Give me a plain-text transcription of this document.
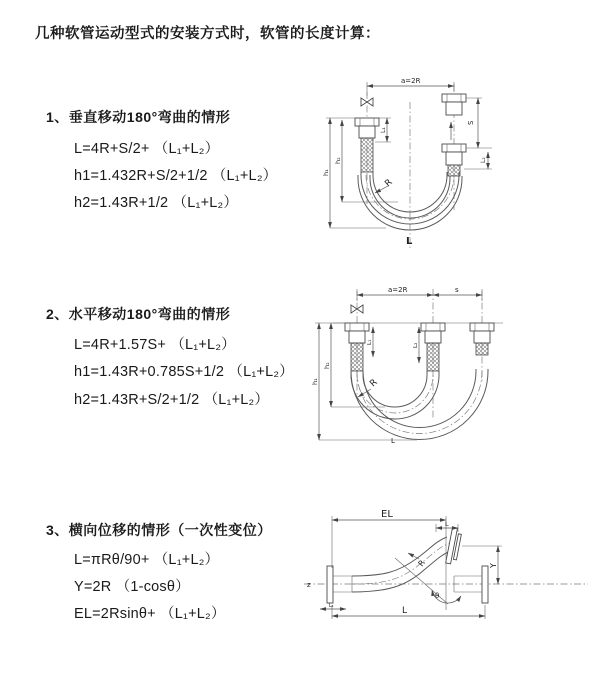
几种软管运动型式的安装方式时，软管的长度计算：
1、垂直移动180°弯曲的情形
L=4R+S/2+ （L₁+L₂）
h1=1.432R+S/2+1/2 （L₁+L₂）
h2=1.43R+1/2 （L₁+L₂）
2、水平移动180°弯曲的情形
L=4R+1.57S+ （L₁+L₂）
h1=1.43R+0.785S+1/2 （L₁+L₂）
h2=1.43R+S/2+1/2 （L₁+L₂）
3、横向位移的情形（一次性变位）
L=πRθ/90+ （L₁+L₂）
Y=2R （1-cosθ）
EL=2Rsinθ+ （L₁+L₂）
a=2R
S
L₂
L₁
h₂
h₁
R
L
a=2R	s
L₁
L₂
h₂
h₁	R
L
EL
L
Y
R
θ
L
L₁
z
